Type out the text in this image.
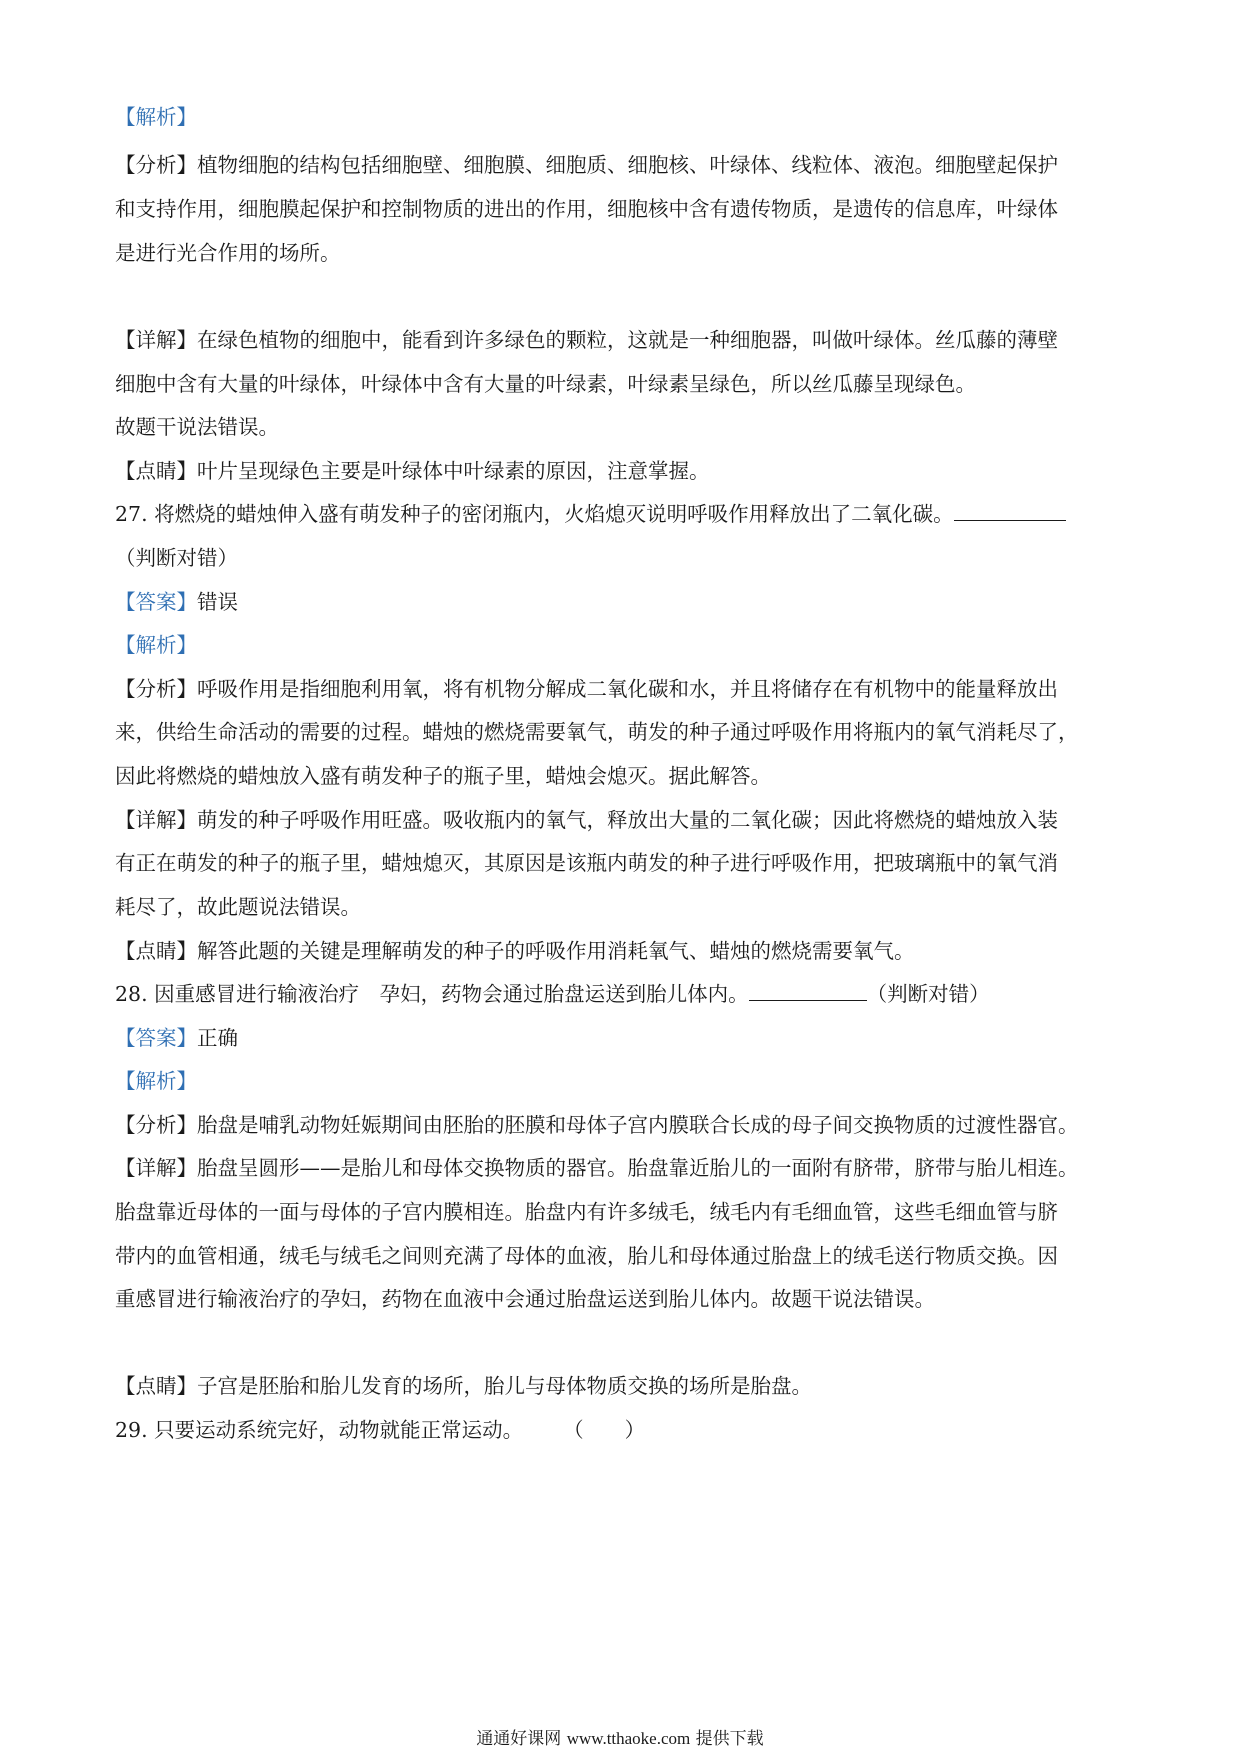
【解析】
【分析】植物细胞的结构包括细胞壁、细胞膜、细胞质、细胞核、叶绿体、线粒体、液泡。细胞壁起保护
和支持作用，细胞膜起保护和控制物质的进出的作用，细胞核中含有遗传物质，是遗传的信息库，叶绿体
是进行光合作用的场所。
【详解】在绿色植物的细胞中，能看到许多绿色的颗粒，这就是一种细胞器，叫做叶绿体。丝瓜藤的薄壁
细胞中含有大量的叶绿体，叶绿体中含有大量的叶绿素，叶绿素呈绿色，所以丝瓜藤呈现绿色。
故题干说法错误。
【点睛】叶片呈现绿色主要是叶绿体中叶绿素的原因，注意掌握。
27. 将燃烧的蜡烛伸入盛有萌发种子的密闭瓶内，火焰熄灭说明呼吸作用释放出了二氧化碳。
（判断对错）
【答案】错误
【解析】
【分析】呼吸作用是指细胞利用氧，将有机物分解成二氧化碳和水，并且将储存在有机物中的能量释放出
来，供给生命活动的需要的过程。蜡烛的燃烧需要氧气，萌发的种子通过呼吸作用将瓶内的氧气消耗尽了，
因此将燃烧的蜡烛放入盛有萌发种子的瓶子里，蜡烛会熄灭。据此解答。
【详解】萌发的种子呼吸作用旺盛。吸收瓶内的氧气，释放出大量的二氧化碳；因此将燃烧的蜡烛放入装
有正在萌发的种子的瓶子里，蜡烛熄灭，其原因是该瓶内萌发的种子进行呼吸作用，把玻璃瓶中的氧气消
耗尽了，故此题说法错误。
【点睛】解答此题的关键是理解萌发的种子的呼吸作用消耗氧气、蜡烛的燃烧需要氧气。
28. 因重感冒进行输液治疗　孕妇，药物会通过胎盘运送到胎儿体内。	（判断对错）
【答案】正确
【解析】
【分析】胎盘是哺乳动物妊娠期间由胚胎的胚膜和母体子宫内膜联合长成的母子间交换物质的过渡性器官。
【详解】胎盘呈圆形——是胎儿和母体交换物质的器官。胎盘靠近胎儿的一面附有脐带，脐带与胎儿相连。
胎盘靠近母体的一面与母体的子宫内膜相连。胎盘内有许多绒毛，绒毛内有毛细血管，这些毛细血管与脐
带内的血管相通，绒毛与绒毛之间则充满了母体的血液，胎儿和母体通过胎盘上的绒毛送行物质交换。因
重感冒进行输液治疗的孕妇，药物在血液中会通过胎盘运送到胎儿体内。故题干说法错误。
【点睛】子宫是胚胎和胎儿发育的场所，胎儿与母体物质交换的场所是胎盘。
29. 只要运动系统完好，动物就能正常运动。 （　　）
通通好课网 www.tthaoke.com 提供下载
